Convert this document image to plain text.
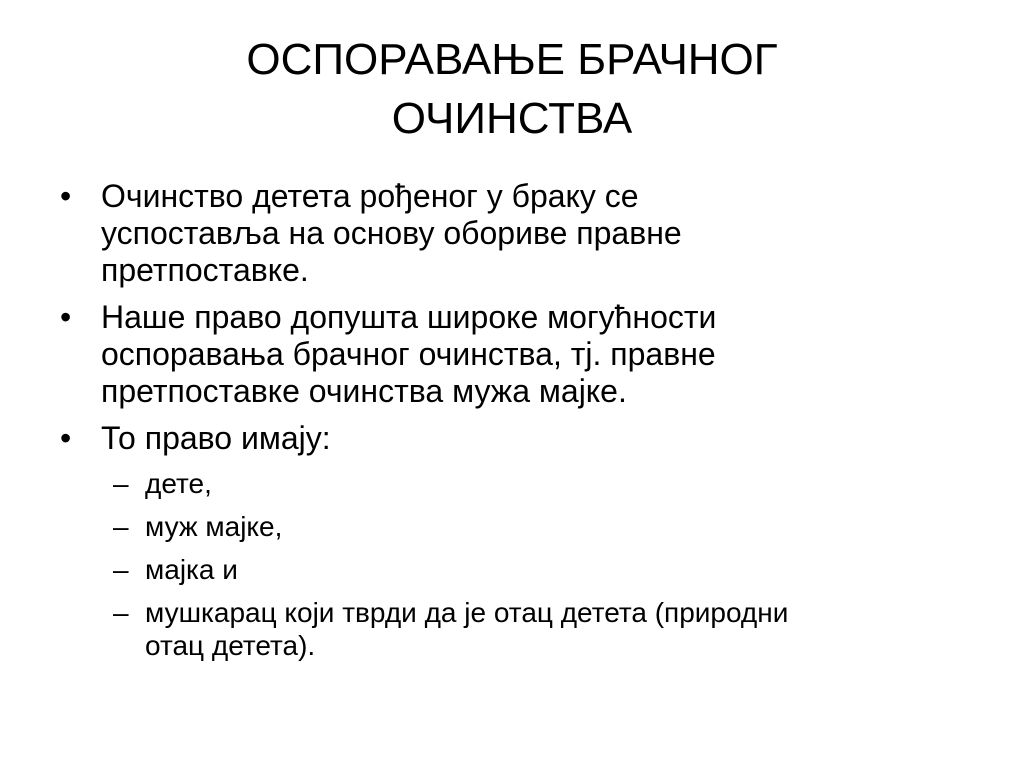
ОСПОРАВАЊЕ БРАЧНОГ
ОЧИНСТВА
• Очинство детета рођеног у браку се
успоставља на основу обориве правне
претпоставке.
• Наше право допушта широке могућности
оспоравања брачног очинства, тј. правне
претпоставке очинства мужа мајке.
• То право имају:
– дете,
– муж мајке,
– мајка и
– мушкарац који тврди да је отац детета (природни
отац детета).
